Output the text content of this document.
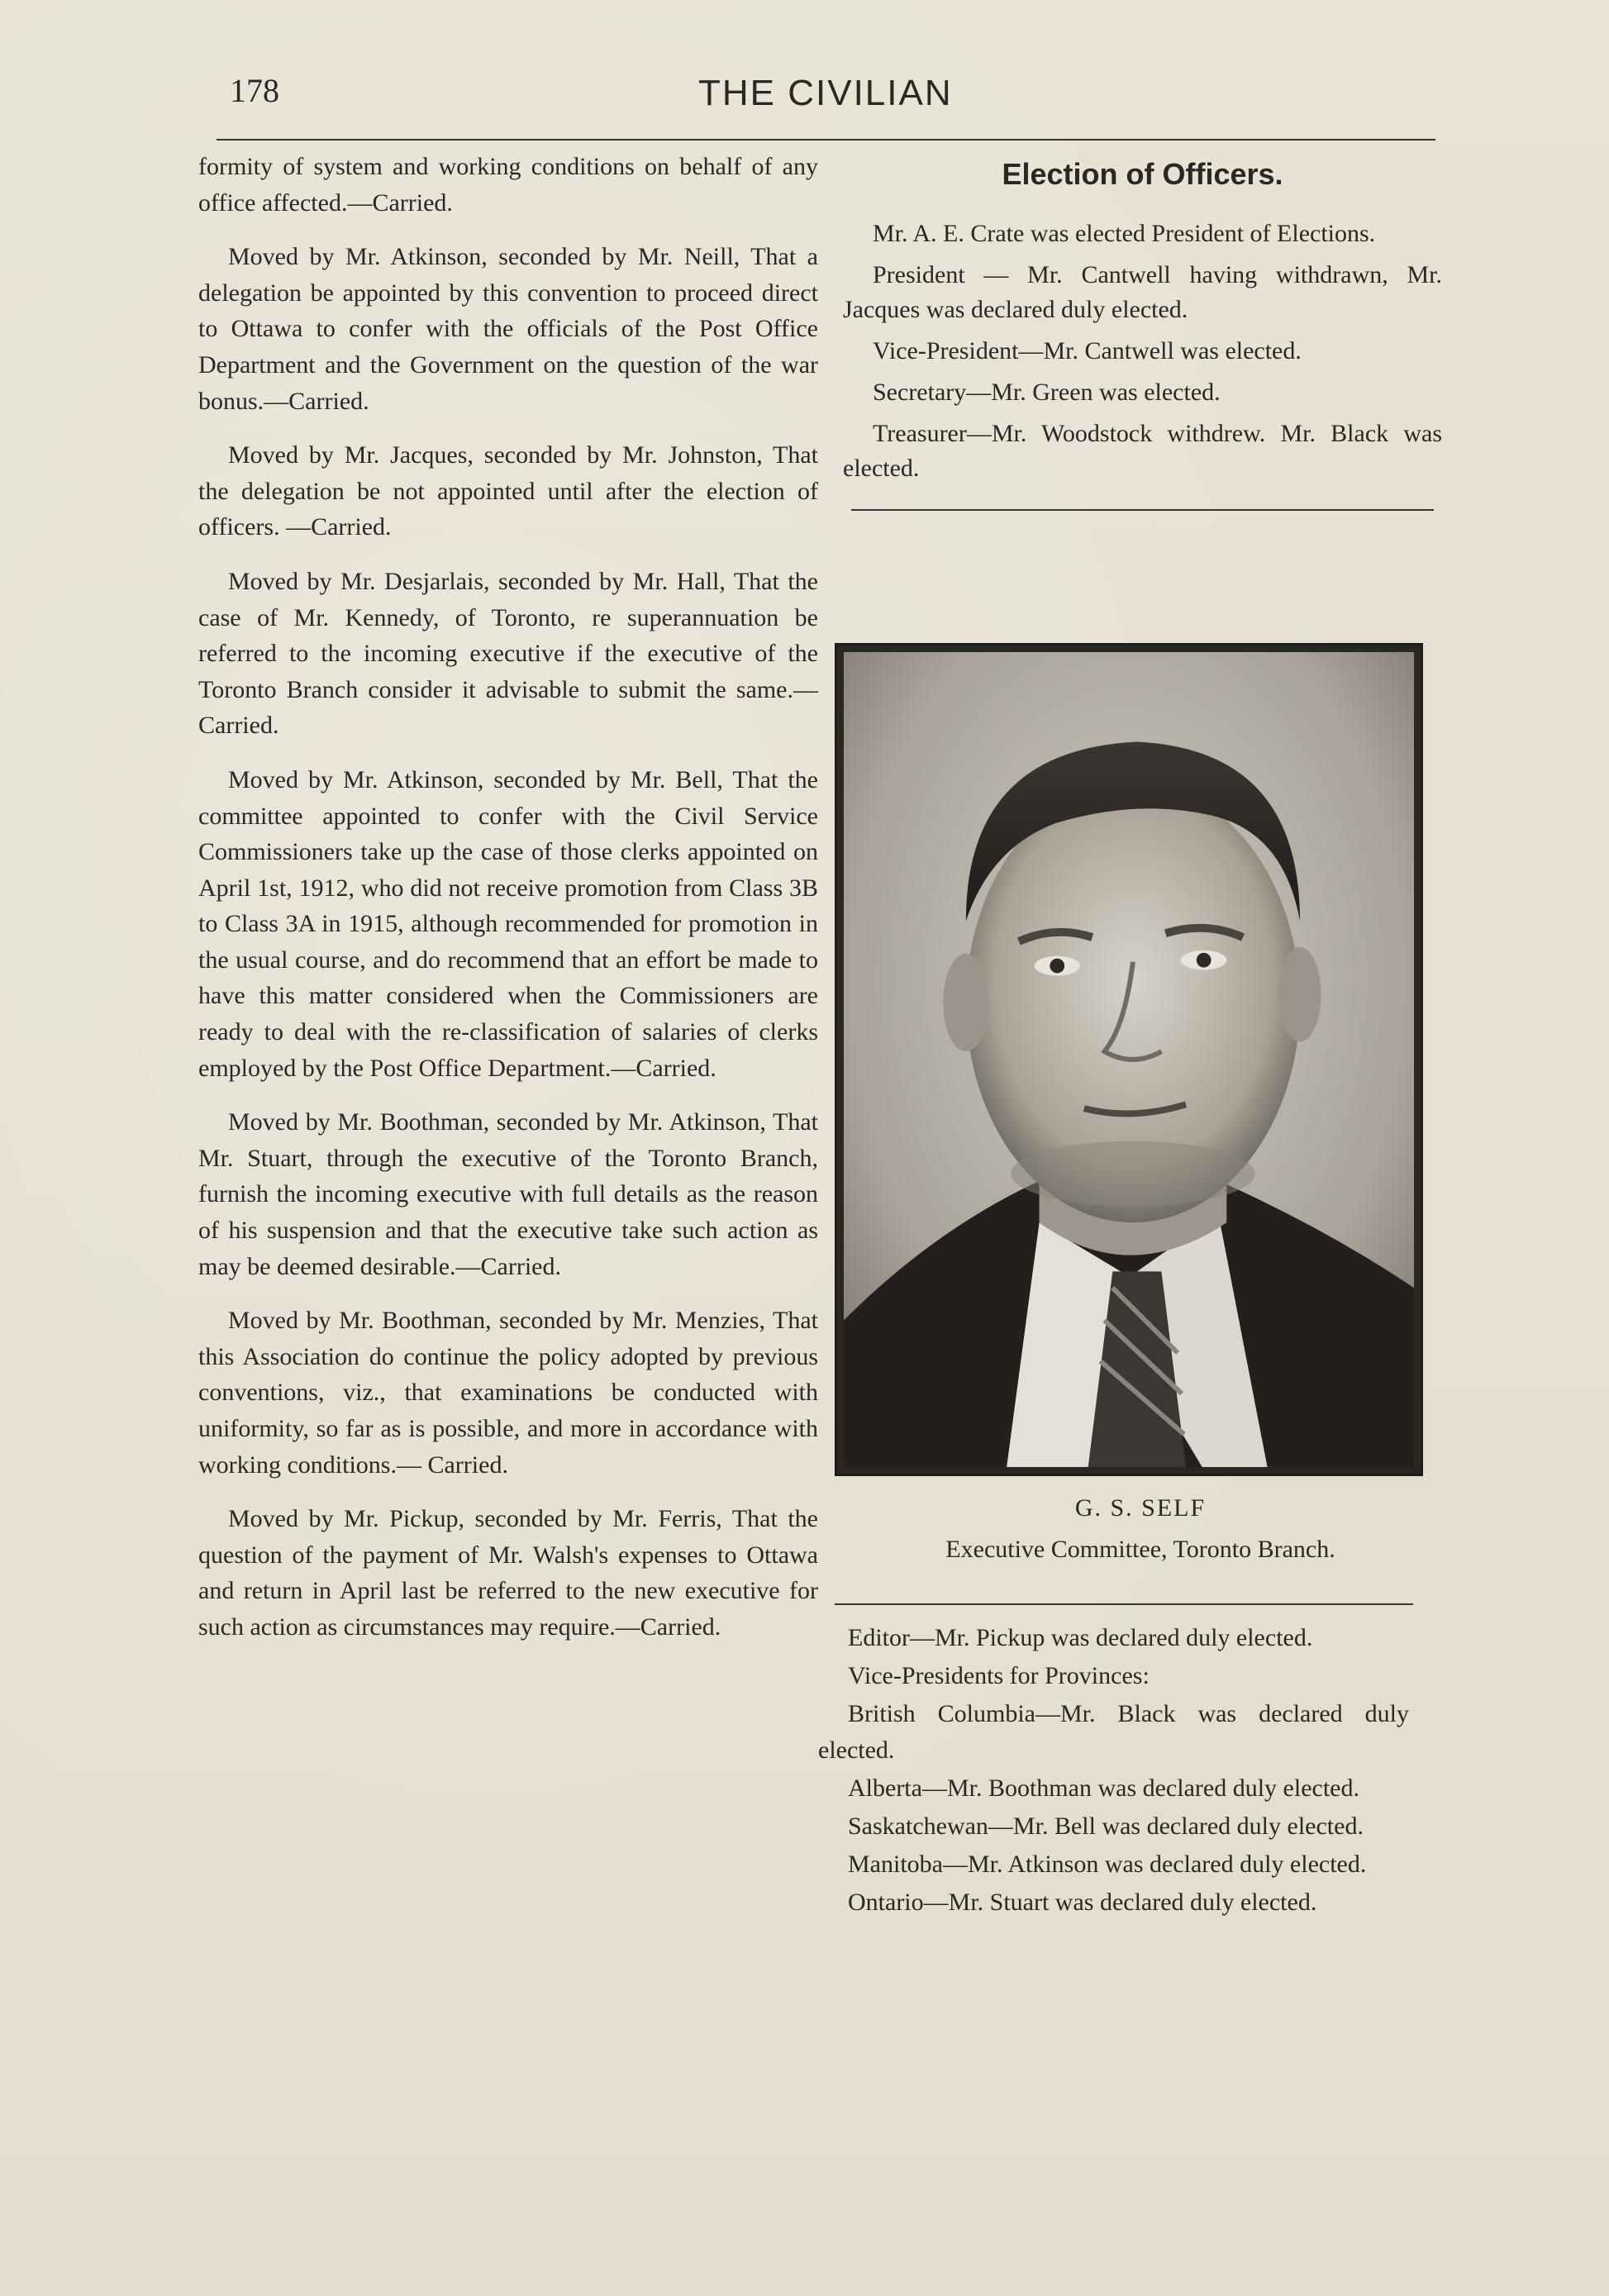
178	THE CIVILIAN

formity of system and working conditions on behalf of any office affected.—Carried.

Moved by Mr. Atkinson, seconded by Mr. Neill, That a delegation be appointed by this convention to proceed direct to Ottawa to confer with the officials of the Post Office Department and the Government on the question of the war bonus.—Carried.

Moved by Mr. Jacques, seconded by Mr. Johnston, That the delegation be not appointed until after the election of officers. —Carried.

Moved by Mr. Desjarlais, seconded by Mr. Hall, That the case of Mr. Kennedy, of Toronto, re superannuation be referred to the incoming executive if the executive of the Toronto Branch consider it advisable to submit the same.—Carried.

Moved by Mr. Atkinson, seconded by Mr. Bell, That the committee appointed to confer with the Civil Service Commissioners take up the case of those clerks appointed on April 1st, 1912, who did not receive promotion from Class 3B to Class 3A in 1915, although recommended for promotion in the usual course, and do recommend that an effort be made to have this matter considered when the Commissioners are ready to deal with the re-classification of salaries of clerks employed by the Post Office Department.—Carried.

Moved by Mr. Boothman, seconded by Mr. Atkinson, That Mr. Stuart, through the executive of the Toronto Branch, furnish the incoming executive with full details as the reason of his suspension and that the executive take such action as may be deemed desirable.—Carried.

Moved by Mr. Boothman, seconded by Mr. Menzies, That this Association do continue the policy adopted by previous conventions, viz., that examinations be conducted with uniformity, so far as is possible, and more in accordance with working conditions.— Carried.

Moved by Mr. Pickup, seconded by Mr. Ferris, That the question of the payment of Mr. Walsh's expenses to Ottawa and return in April last be referred to the new executive for such action as circumstances may require.—Carried.

Election of Officers.

Mr. A. E. Crate was elected President of Elections.

President — Mr. Cantwell having withdrawn, Mr. Jacques was declared duly elected.

Vice-President—Mr. Cantwell was elected.

Secretary—Mr. Green was elected.

Treasurer—Mr. Woodstock withdrew. Mr. Black was elected.

G. S. SELF
Executive Committee, Toronto Branch.

Editor—Mr. Pickup was declared duly elected.

Vice-Presidents for Provinces:

British Columbia—Mr. Black was declared duly elected.

Alberta—Mr. Boothman was declared duly elected.

Saskatchewan—Mr. Bell was declared duly elected.

Manitoba—Mr. Atkinson was declared duly elected.

Ontario—Mr. Stuart was declared duly elected.
